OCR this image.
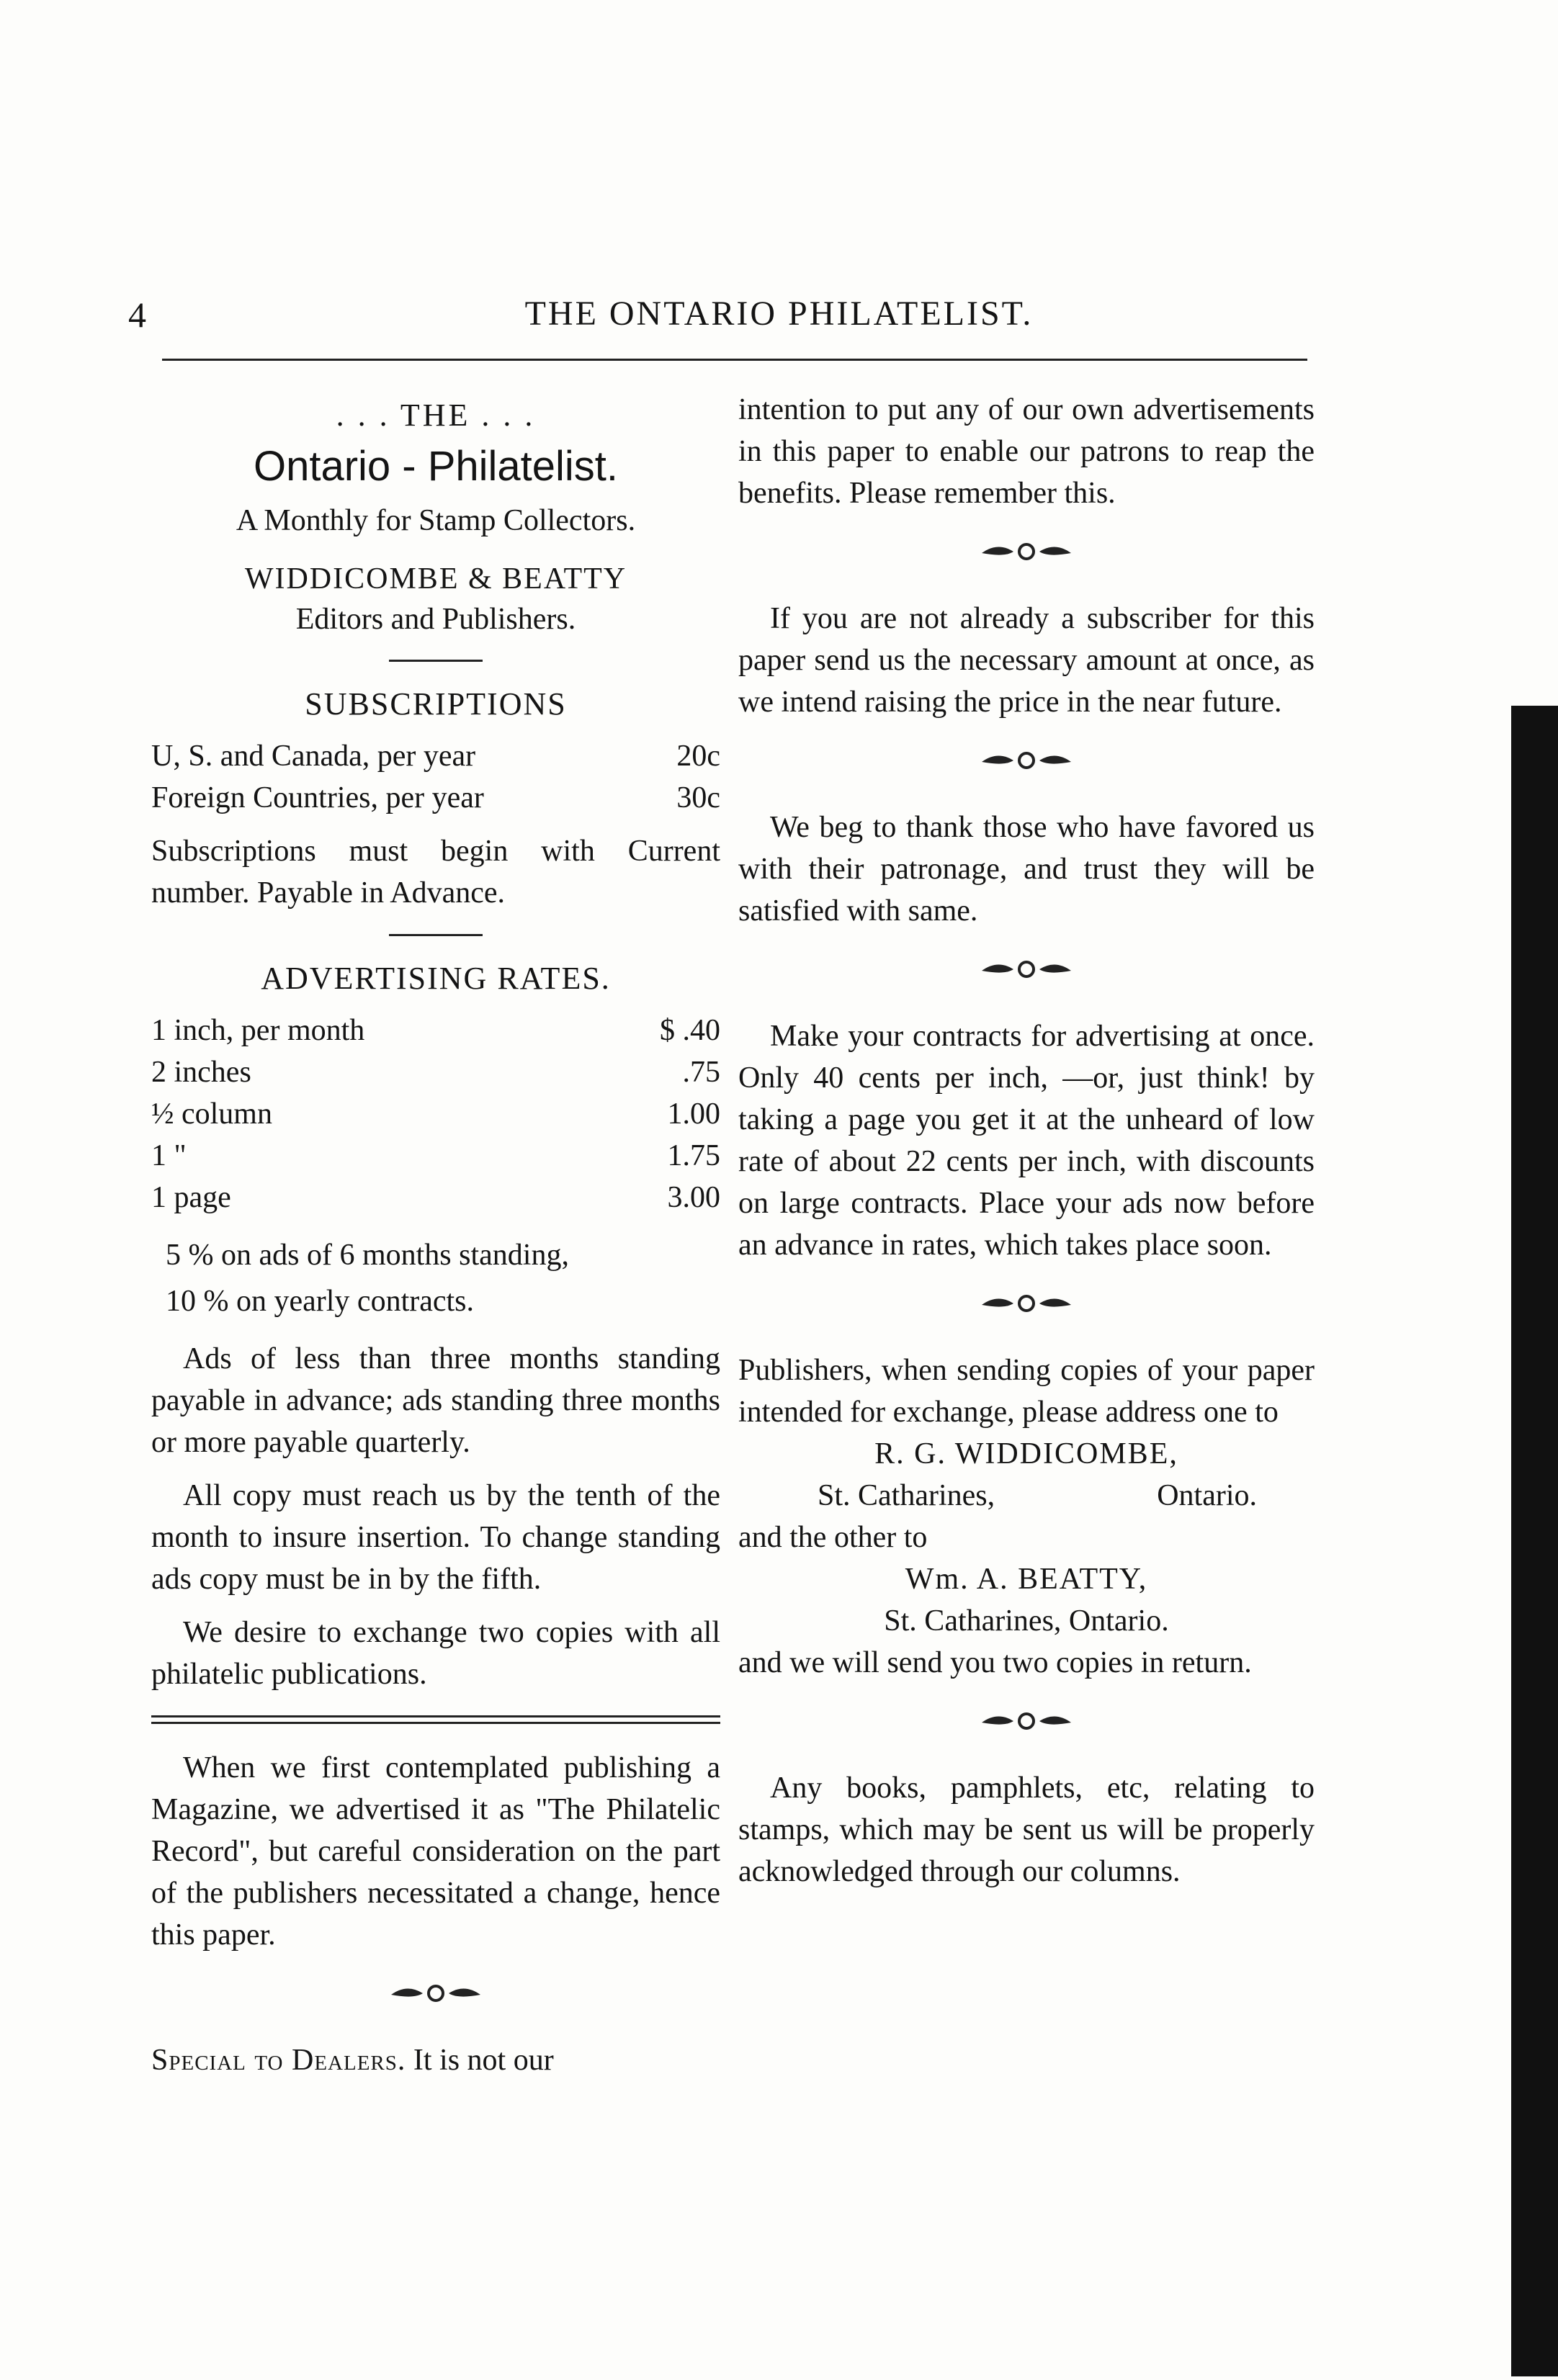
4	THE ONTARIO PHILATELIST.
. . . THE . . .
Ontario - Philatelist.
A Monthly for Stamp Collectors.
WIDDICOMBE & BEATTY
Editors and Publishers.
SUBSCRIPTIONS
U, S. and Canada, per year	20c
Foreign Countries, per year	30c

Subscriptions must begin with Current number. Payable in Advance.

ADVERTISING RATES.
1 inch, per month	$ .40
2 inches	.75
½ column	1.00
1 "	1.75
1 page	3.00

5 % on ads of 6 months standing,

10 % on yearly contracts.

Ads of less than three months standing payable in advance; ads standing three months or more payable quarterly.

All copy must reach us by the tenth of the month to insure insertion. To change standing ads copy must be in by the fifth.

We desire to exchange two copies with all philatelic publications.

When we first contemplated publishing a Magazine, we advertised it as "The Philatelic Record", but careful consideration on the part of the publishers necessitated a change, hence this paper.

Special to Dealers. It is not our

intention to put any of our own advertisements in this paper to enable our patrons to reap the benefits. Please remember this.

If you are not already a subscriber for this paper send us the necessary amount at once, as we intend raising the price in the near future.

We beg to thank those who have favored us with their patronage, and trust they will be satisfied with same.

Make your contracts for advertising at once. Only 40 cents per inch, —or, just think! by taking a page you get it at the unheard of low rate of about 22 cents per inch, with discounts on large contracts. Place your ads now before an advance in rates, which takes place soon.

Publishers, when sending copies of your paper intended for exchange, please address one to

R. G. WIDDICOMBE,
St. Catharines,	Ontario.

and the other to

Wm. A. BEATTY,
St. Catharines, Ontario.

and we will send you two copies in return.

Any books, pamphlets, etc, relating to stamps, which may be sent us will be properly acknowledged through our columns.
